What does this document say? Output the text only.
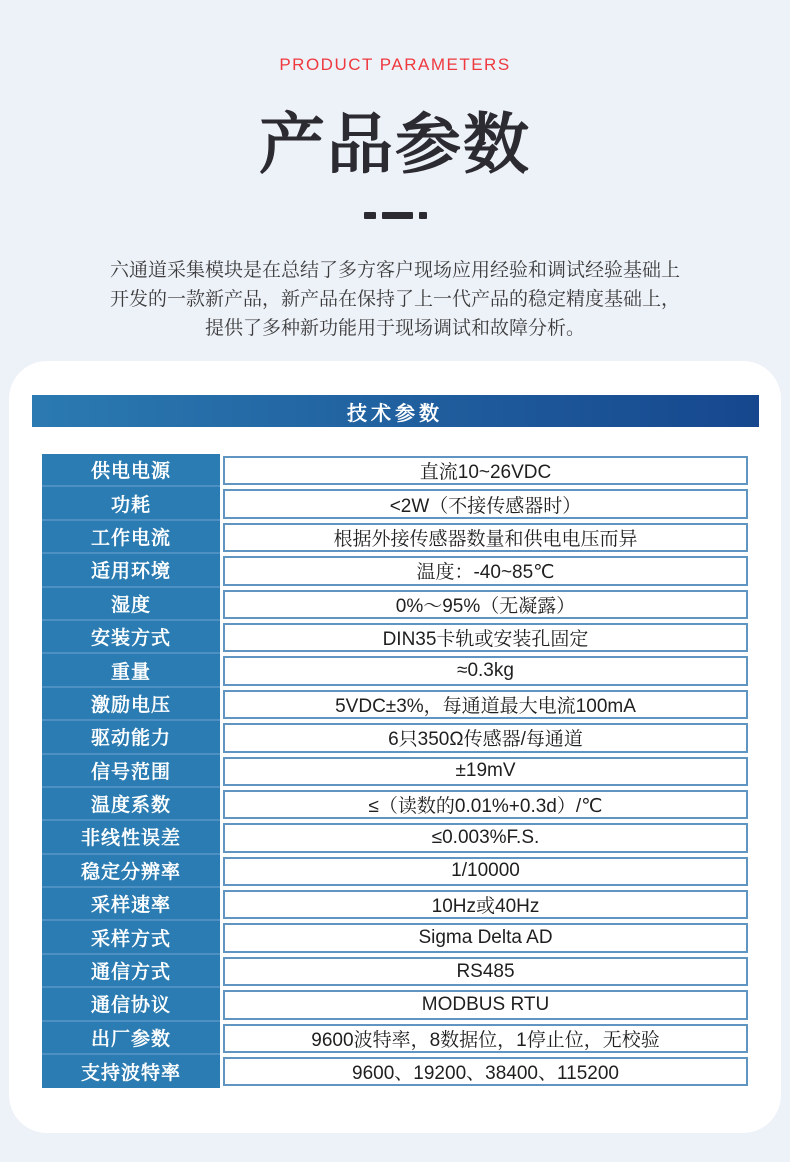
PRODUCT PARAMETERS
产品参数
六通道采集模块是在总结了多方客户现场应用经验和调试经验基础上
开发的一款新产品，新产品在保持了上一代产品的稳定精度基础上，
提供了多种新功能用于现场调试和故障分析。
技术参数
供电电源	直流10~26VDC
功耗	<2W（不接传感器时）
工作电流	根据外接传感器数量和供电电压而异
适用环境	温度：-40~85℃
湿度	0%～95%（无凝露）
安装方式	DIN35卡轨或安装孔固定
重量	≈0.3kg
激励电压	5VDC±3%，每通道最大电流100mA
驱动能力	6只350Ω传感器/每通道
信号范围	±19mV
温度系数	≤（读数的0.01%+0.3d）/℃
非线性误差	≤0.003%F.S.
稳定分辨率	1/10000
采样速率	10Hz或40Hz
采样方式	Sigma Delta AD
通信方式	RS485
通信协议	MODBUS RTU
出厂参数	9600波特率，8数据位，1停止位，无校验
支持波特率	9600、19200、38400、115200
